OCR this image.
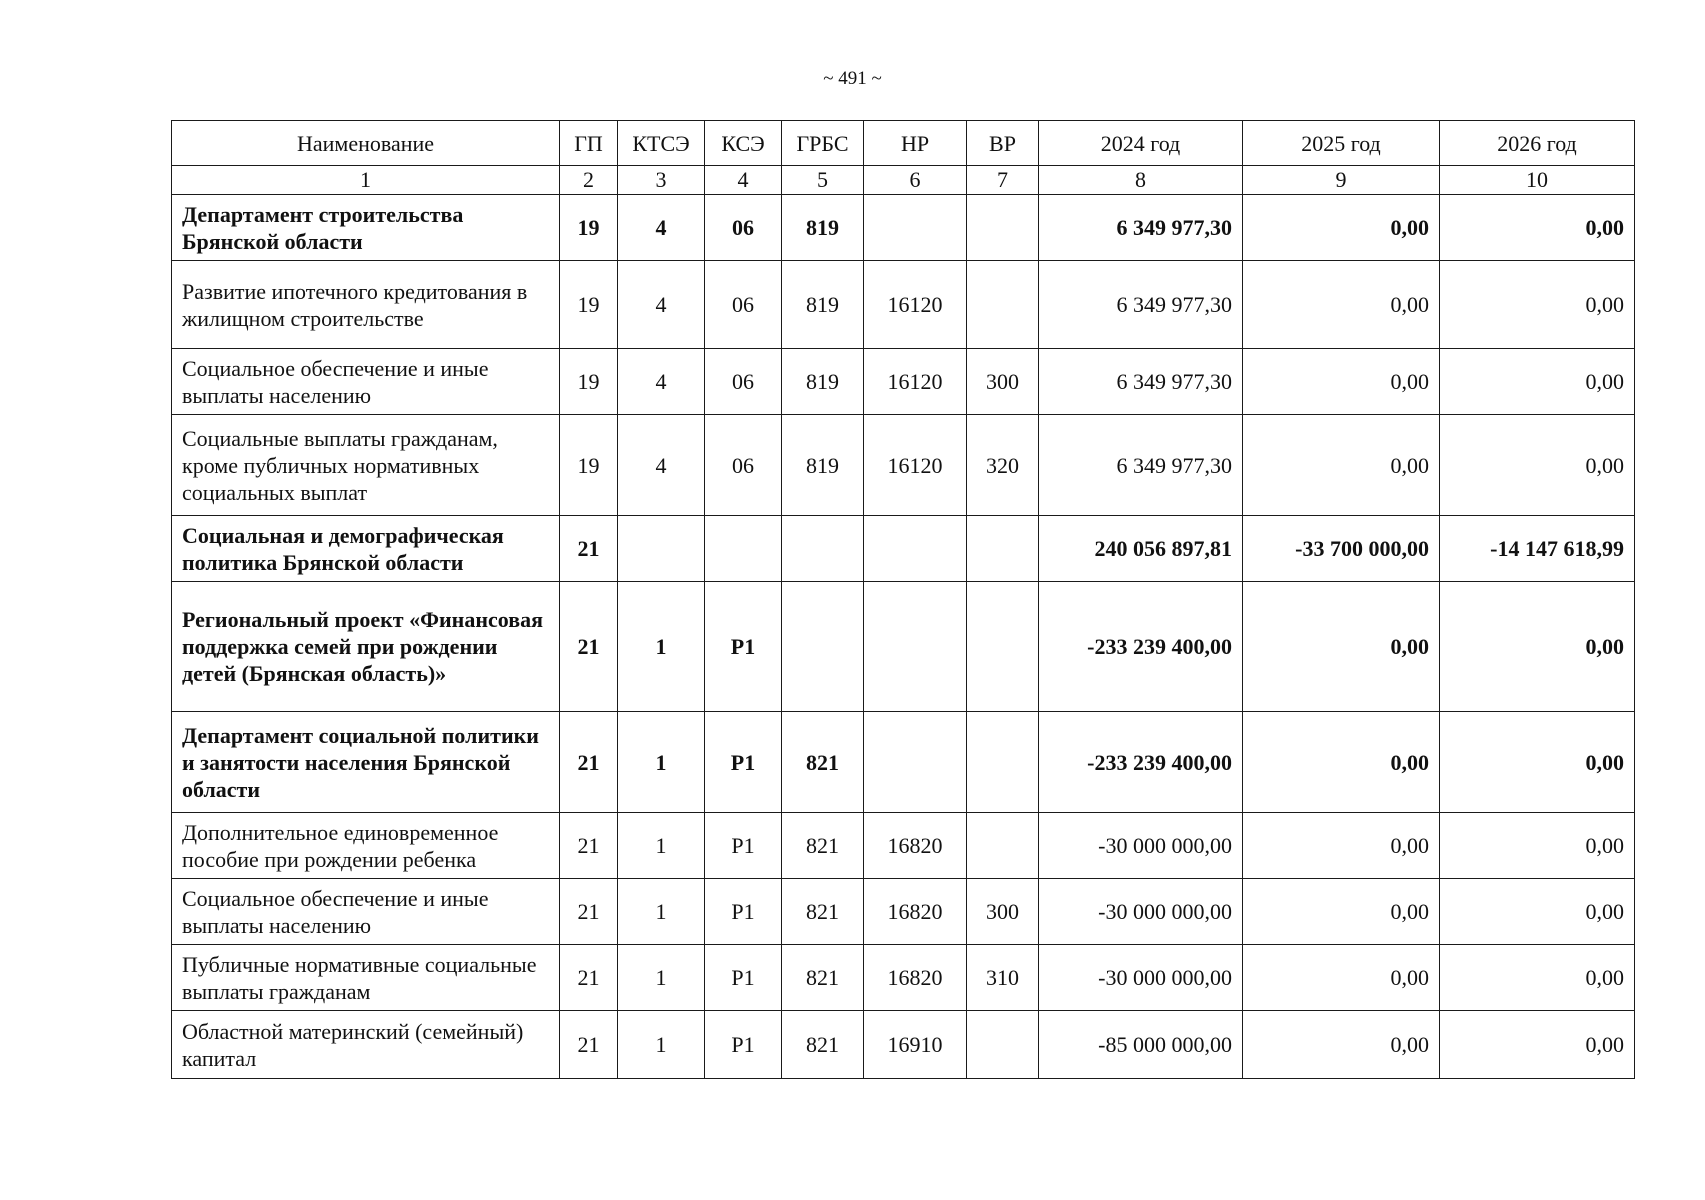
~ 491 ~
Наименование	ГП	КТСЭ	КСЭ	ГРБС	НР	ВР	2024 год	2025 год	2026 год
1	2	3	4	5	6	7	8	9	10
Департамент строительства Брянской области	19	4	06	819			6 349 977,30	0,00	0,00
Развитие ипотечного кредитования в жилищном строительстве	19	4	06	819	16120		6 349 977,30	0,00	0,00
Социальное обеспечение и иные выплаты населению	19	4	06	819	16120	300	6 349 977,30	0,00	0,00
Социальные выплаты гражданам, кроме публичных нормативных социальных выплат	19	4	06	819	16120	320	6 349 977,30	0,00	0,00
Социальная и демографическая политика Брянской области	21						240 056 897,81	-33 700 000,00	-14 147 618,99
Региональный проект «Финансовая поддержка семей при рождении детей (Брянская область)»	21	1	Р1				-233 239 400,00	0,00	0,00
Департамент социальной политики и занятости населения Брянской области	21	1	Р1	821			-233 239 400,00	0,00	0,00
Дополнительное единовременное пособие при рождении ребенка	21	1	Р1	821	16820		-30 000 000,00	0,00	0,00
Социальное обеспечение и иные выплаты населению	21	1	Р1	821	16820	300	-30 000 000,00	0,00	0,00
Публичные нормативные социальные выплаты гражданам	21	1	Р1	821	16820	310	-30 000 000,00	0,00	0,00
Областной материнский (семейный) капитал	21	1	Р1	821	16910		-85 000 000,00	0,00	0,00
